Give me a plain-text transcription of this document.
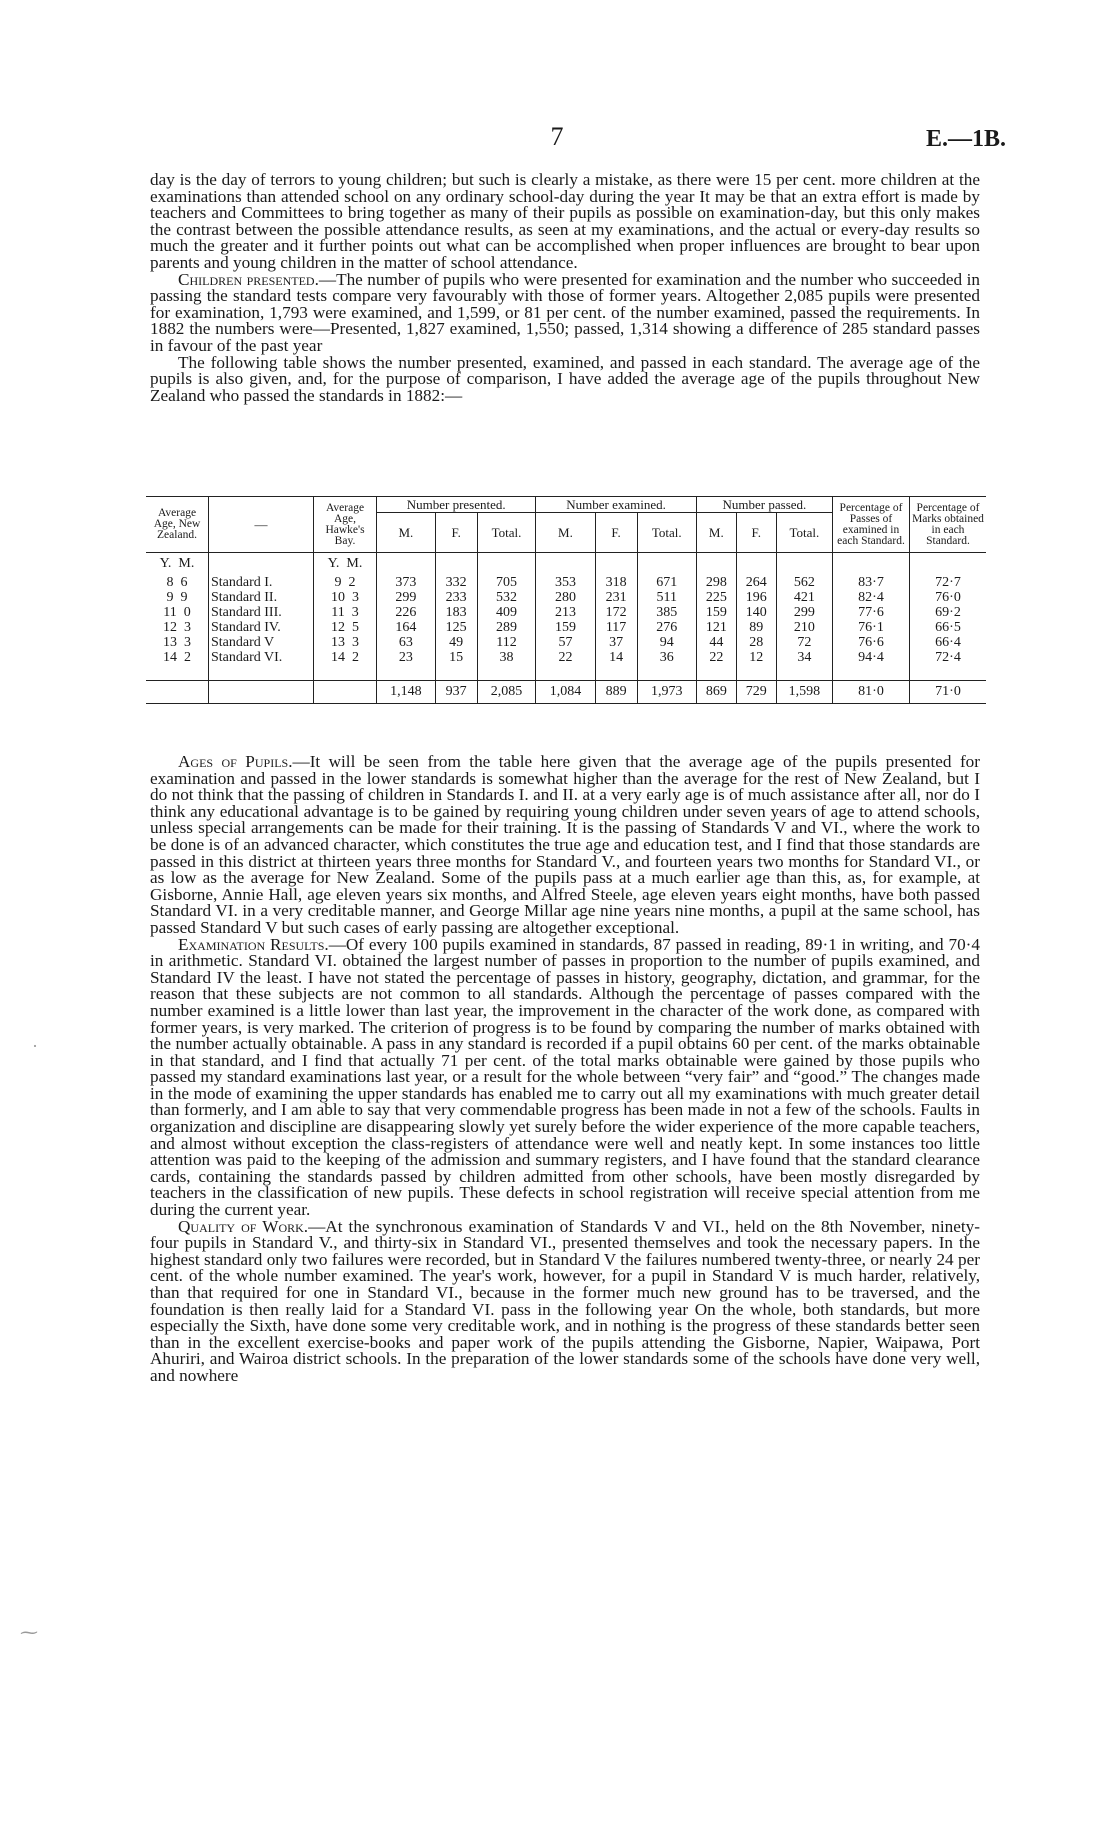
7	E.—1B.

day is the day of terrors to young children; but such is clearly a mistake, as there were 15 per cent. more children at the examinations than attended school on any ordinary school-day during the year It may be that an extra effort is made by teachers and Committees to bring together as many of their pupils as possible on examination-day, but this only makes the contrast between the possible attendance results, as seen at my examinations, and the actual or every-day results so much the greater and it further points out what can be accomplished when proper influences are brought to bear upon parents and young children in the matter of school attendance.

Children presented.—The number of pupils who were presented for examination and the number who succeeded in passing the standard tests compare very favourably with those of former years. Altogether 2,085 pupils were presented for examination, 1,793 were examined, and 1,599, or 81 per cent. of the number examined, passed the requirements. In 1882 the numbers were—Presented, 1,827 examined, 1,550; passed, 1,314 showing a difference of 285 standard passes in favour of the past year

The following table shows the number presented, examined, and passed in each standard. The average age of the pupils is also given, and, for the purpose of comparison, I have added the average age of the pupils throughout New Zealand who passed the standards in 1882:—

Average Age, New Zealand.	—	Average Age, Hawke's Bay.	Number presented.			Number examined.			Number passed.			Percentage of Passes of examined in each Standard.	Percentage of Marks obtained in each Standard.
			M.	F.	Total.	M.	F.	Total.	M.	F.	Total.		
Y. M.		Y. M.											
8 6	Standard I.	9 2	373	332	705	353	318	671	298	264	562	83·7	72·7
9 9	Standard II.	10 3	299	233	532	280	231	511	225	196	421	82·4	76·0
11 0	Standard III.	11 3	226	183	409	213	172	385	159	140	299	77·6	69·2
12 3	Standard IV.	12 5	164	125	289	159	117	276	121	89	210	76·1	66·5
13 3	Standard V	13 3	63	49	112	57	37	94	44	28	72	76·6	66·4
14 2	Standard VI.	14 2	23	15	38	22	14	36	22	12	34	94·4	72·4

			1,148	937	2,085	1,084	889	1,973	869	729	1,598	81·0	71·0

Ages of Pupils.—It will be seen from the table here given that the average age of the pupils presented for examination and passed in the lower standards is somewhat higher than the average for the rest of New Zealand, but I do not think that the passing of children in Standards I. and II. at a very early age is of much assistance after all, nor do I think any educational advantage is to be gained by requiring young children under seven years of age to attend schools, unless special arrangements can be made for their training. It is the passing of Standards V and VI., where the work to be done is of an advanced character, which constitutes the true age and education test, and I find that those standards are passed in this district at thirteen years three months for Standard V., and fourteen years two months for Standard VI., or as low as the average for New Zealand. Some of the pupils pass at a much earlier age than this, as, for example, at Gisborne, Annie Hall, age eleven years six months, and Alfred Steele, age eleven years eight months, have both passed Standard VI. in a very creditable manner, and George Millar age nine years nine months, a pupil at the same school, has passed Standard V but such cases of early passing are altogether exceptional.

Examination Results.—Of every 100 pupils examined in standards, 87 passed in reading, 89·1 in writing, and 70·4 in arithmetic. Standard VI. obtained the largest number of passes in proportion to the number of pupils examined, and Standard IV the least. I have not stated the percentage of passes in history, geography, dictation, and grammar, for the reason that these subjects are not common to all standards. Although the percentage of passes compared with the number examined is a little lower than last year, the improvement in the character of the work done, as compared with former years, is very marked. The criterion of progress is to be found by comparing the number of marks obtained with the number actually obtainable. A pass in any standard is recorded if a pupil obtains 60 per cent. of the marks obtainable in that standard, and I find that actually 71 per cent. of the total marks obtainable were gained by those pupils who passed my standard examinations last year, or a result for the whole between “very fair” and “good.” The changes made in the mode of examining the upper standards has enabled me to carry out all my examinations with much greater detail than formerly, and I am able to say that very commendable progress has been made in not a few of the schools. Faults in organization and discipline are disappearing slowly yet surely before the wider experience of the more capable teachers, and almost without exception the class-registers of attendance were well and neatly kept. In some instances too little attention was paid to the keeping of the admission and summary registers, and I have found that the standard clearance cards, containing the standards passed by children admitted from other schools, have been mostly disregarded by teachers in the classification of new pupils. These defects in school registration will receive special attention from me during the current year.

Quality of Work.—At the synchronous examination of Standards V and VI., held on the 8th November, ninety-four pupils in Standard V., and thirty-six in Standard VI., presented themselves and took the necessary papers. In the highest standard only two failures were recorded, but in Standard V the failures numbered twenty-three, or nearly 24 per cent. of the whole number examined. The year's work, however, for a pupil in Standard V is much harder, relatively, than that required for one in Standard VI., because in the former much new ground has to be traversed, and the foundation is then really laid for a Standard VI. pass in the following year On the whole, both standards, but more especially the Sixth, have done some very creditable work, and in nothing is the progress of these standards better seen than in the excellent exercise-books and paper work of the pupils attending the Gisborne, Napier, Waipawa, Port Ahuriri, and Wairoa district schools. In the preparation of the lower standards some of the schools have done very well, and nowhere

·
⁓
